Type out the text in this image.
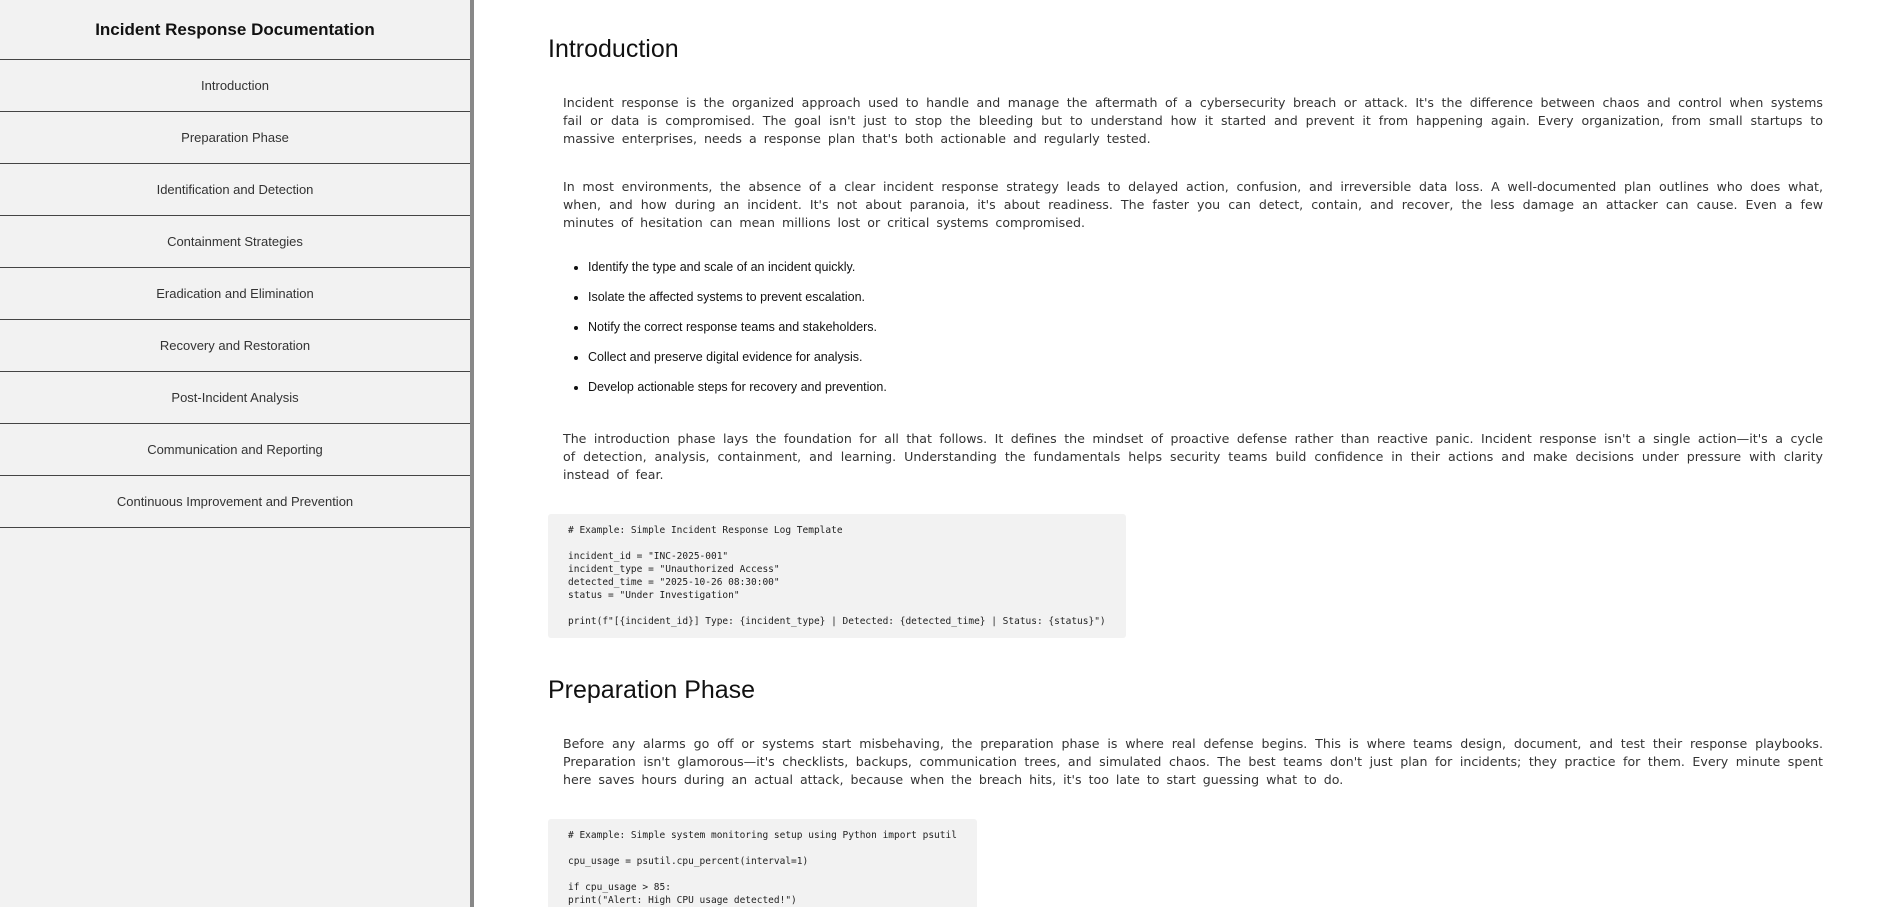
Incident Response Documentation
Introduction
Preparation Phase
Identification and Detection
Containment Strategies
Eradication and Elimination
Recovery and Restoration
Post-Incident Analysis
Communication and Reporting
Continuous Improvement and Prevention
Introduction

Incident response is the organized approach used to handle and manage the aftermath of a cybersecurity breach or attack. It's the difference between chaos and control when systems fail or data is compromised. The goal isn't just to stop the bleeding but to understand how it started and prevent it from happening again. Every organization, from small startups to massive enterprises, needs a response plan that's both actionable and regularly tested.

In most environments, the absence of a clear incident response strategy leads to delayed action, confusion, and irreversible data loss. A well-documented plan outlines who does what, when, and how during an incident. It's not about paranoia, it's about readiness. The faster you can detect, contain, and recover, the less damage an attacker can cause. Even a few minutes of hesitation can mean millions lost or critical systems compromised.

• Identify the type and scale of an incident quickly.
• Isolate the affected systems to prevent escalation.
• Notify the correct response teams and stakeholders.
• Collect and preserve digital evidence for analysis.
• Develop actionable steps for recovery and prevention.

The introduction phase lays the foundation for all that follows. It defines the mindset of proactive defense rather than reactive panic. Incident response isn't a single action—it's a cycle of detection, analysis, containment, and learning. Understanding the fundamentals helps security teams build confidence in their actions and make decisions under pressure with clarity instead of fear.

# Example: Simple Incident Response Log Template
incident_id = "INC-2025-001"
incident_type = "Unauthorized Access"
detected_time = "2025-10-26 08:30:00"
status = "Under Investigation"
print(f"[{incident_id}] Type: {incident_type} | Detected: {detected_time} | Status: {status}")
Preparation Phase

Before any alarms go off or systems start misbehaving, the preparation phase is where real defense begins. This is where teams design, document, and test their response playbooks. Preparation isn't glamorous—it's checklists, backups, communication trees, and simulated chaos. The best teams don't just plan for incidents; they practice for them. Every minute spent here saves hours during an actual attack, because when the breach hits, it's too late to start guessing what to do.

# Example: Simple system monitoring setup using Python import psutil
cpu_usage = psutil.cpu_percent(interval=1)
if cpu_usage > 85:
print("Alert: High CPU usage detected!")
